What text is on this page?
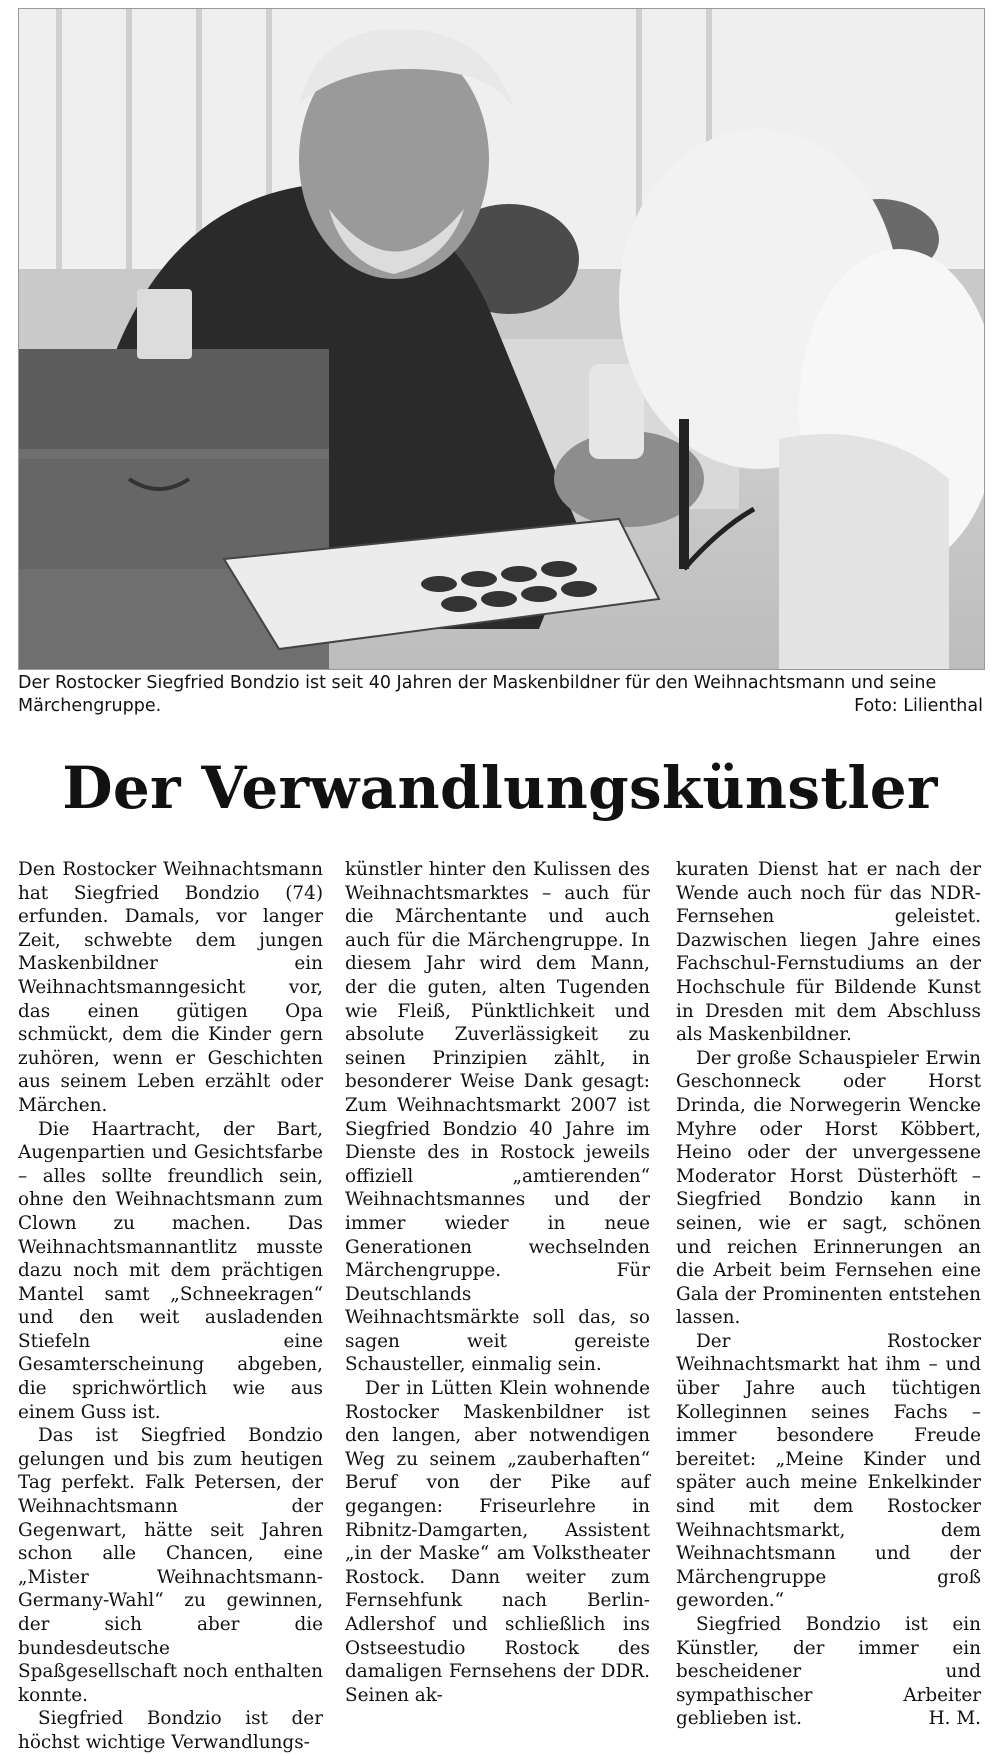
Der Rostocker Siegfried Bondzio ist seit 40 Jahren der Maskenbildner für den Weihnachtsmann und seine Märchengruppe.	Foto: Lilienthal
Der Verwandlungskünstler

Den Rostocker Weihnachtsmann hat Siegfried Bondzio (74) erfunden. Damals, vor langer Zeit, schwebte dem jungen Maskenbildner ein Weihnachtsmanngesicht vor, das einen gütigen Opa schmückt, dem die Kinder gern zuhören, wenn er Geschichten aus seinem Leben erzählt oder Märchen.

Die Haartracht, der Bart, Augenpartien und Gesichtsfarbe – alles sollte freundlich sein, ohne den Weihnachtsmann zum Clown zu machen. Das Weihnachtsmannantlitz musste dazu noch mit dem prächtigen Mantel samt „Schneekragen“ und den weit ausladenden Stiefeln eine Gesamterscheinung abgeben, die sprichwörtlich wie aus einem Guss ist.

Das ist Siegfried Bondzio gelungen und bis zum heutigen Tag perfekt. Falk Petersen, der Weihnachtsmann der Gegenwart, hätte seit Jahren schon alle Chancen, eine „Mister Weihnachtsmann-Germany-Wahl“ zu gewinnen, der sich aber die bundesdeutsche Spaßgesellschaft noch enthalten konnte.

Siegfried Bondzio ist der höchst wichtige Verwandlungs-

künstler hinter den Kulissen des Weihnachtsmarktes – auch für die Märchentante und auch auch für die Märchengruppe. In diesem Jahr wird dem Mann, der die guten, alten Tugenden wie Fleiß, Pünktlichkeit und absolute Zuverlässigkeit zu seinen Prinzipien zählt, in besonderer Weise Dank gesagt: Zum Weihnachtsmarkt 2007 ist Siegfried Bondzio 40 Jahre im Dienste des in Rostock jeweils offiziell „amtierenden“ Weihnachtsmannes und der immer wieder in neue Generationen wechselnden Märchengruppe. Für Deutschlands Weihnachtsmärkte soll das, so sagen weit gereiste Schausteller, einmalig sein.

Der in Lütten Klein wohnende Rostocker Maskenbildner ist den langen, aber notwendigen Weg zu seinem „zauberhaften“ Beruf von der Pike auf gegangen: Friseurlehre in Ribnitz-Damgarten, Assistent „in der Maske“ am Volkstheater Rostock. Dann weiter zum Fernsehfunk nach Berlin-Adlershof und schließlich ins Ostseestudio Rostock des damaligen Fernsehens der DDR. Seinen ak-

kuraten Dienst hat er nach der Wende auch noch für das NDR-Fernsehen geleistet. Dazwischen liegen Jahre eines Fachschul-Fernstudiums an der Hochschule für Bildende Kunst in Dresden mit dem Abschluss als Maskenbildner.

Der große Schauspieler Erwin Geschonneck oder Horst Drinda, die Norwegerin Wencke Myhre oder Horst Köbbert, Heino oder der unvergessene Moderator Horst Düsterhöft – Siegfried Bondzio kann in seinen, wie er sagt, schönen und reichen Erinnerungen an die Arbeit beim Fernsehen eine Gala der Prominenten entstehen lassen.

Der Rostocker Weihnachtsmarkt hat ihm – und über Jahre auch tüchtigen Kolleginnen seines Fachs – immer besondere Freude bereitet: „Meine Kinder und später auch meine Enkelkinder sind mit dem Rostocker Weihnachtsmarkt, dem Weihnachtsmann und der Märchengruppe groß geworden.“

Siegfried Bondzio ist ein Künstler, der immer ein bescheidener und sympathischer Arbeiter geblieben ist.	H. M.
